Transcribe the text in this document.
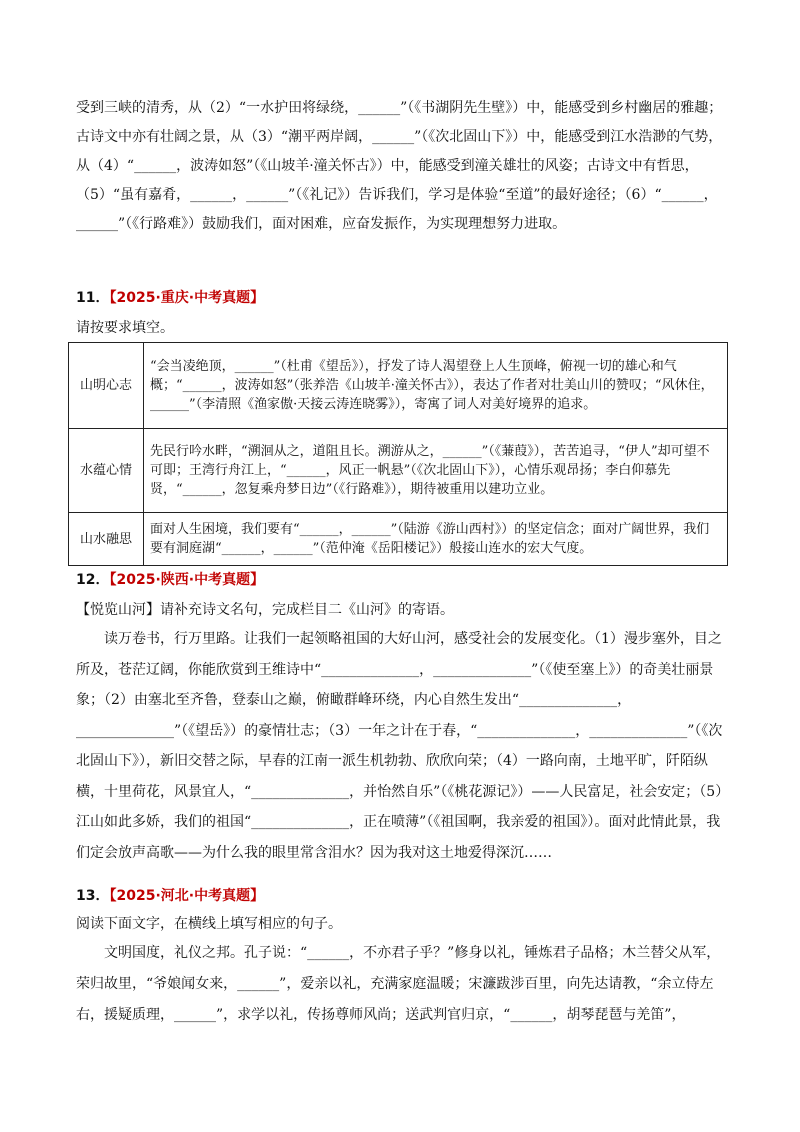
受到三峡的清秀，从（2）“一水护田将绿绕，______”（《书湖阴先生壁》）中，能感受到乡村幽居的雅趣；古诗文中亦有壮阔之景，从（3）“潮平两岸阔，______”（《次北固山下》）中，能感受到江水浩渺的气势，从（4）“______，波涛如怒”（《山坡羊·潼关怀古》）中，能感受到潼关雄壮的风姿；古诗文中有哲思，（5）“虽有嘉肴，______，______”（《礼记》）告诉我们，学习是体验“至道”的最好途径；（6）“______，______”（《行路难》）鼓励我们，面对困难，应奋发振作，为实现理想努力进取。

11．【2025·重庆·中考真题】
请按要求填空。
山明心志	“会当凌绝顶，______”（杜甫《望岳》），抒发了诗人渴望登上人生顶峰，俯视一切的雄心和气概；“______，波涛如怒”（张养浩《山坡羊·潼关怀古》），表达了作者对壮美山川的赞叹；“风休住，______”（李清照《渔家傲·天接云涛连晓雾》），寄寓了词人对美好境界的追求。
水蕴心情	先民行吟水畔，“溯洄从之，道阻且长。溯游从之，______”（《蒹葭》），苦苦追寻，“伊人”却可望不可即；王湾行舟江上，“______，风正一帆悬”（《次北固山下》），心情乐观昂扬；李白仰慕先贤，“______，忽复乘舟梦日边”（《行路难》），期待被重用以建功立业。
山水融思	面对人生困境，我们要有“______，______”（陆游《游山西村》）的坚定信念；面对广阔世界，我们要有洞庭湖“______，______”（范仲淹《岳阳楼记》）般接山连水的宏大气度。
12．【2025·陕西·中考真题】
【悦览山河】请补充诗文名句，完成栏目二《山河》的寄语。

读万卷书，行万里路。让我们一起领略祖国的大好山河，感受社会的发展变化。（1）漫步塞外，目之所及，苍茫辽阔，你能欣赏到王维诗中“______________，______________”（《使至塞上》）的奇美壮丽景象；（2）由塞北至齐鲁，登泰山之巅，俯瞰群峰环绕，内心自然生发出“______________，______________”（《望岳》）的豪情壮志；（3）一年之计在于春，“______________，______________”（《次北固山下》），新旧交替之际，早春的江南一派生机勃勃、欣欣向荣；（4）一路向南，土地平旷，阡陌纵横，十里荷花，风景宜人，“______________，并怡然自乐”（《桃花源记》）——人民富足，社会安定；（5）江山如此多娇，我们的祖国“______________，正在喷薄”（《祖国啊，我亲爱的祖国》）。面对此情此景，我们定会放声高歌——为什么我的眼里常含泪水？因为我对这土地爱得深沉……

13．【2025·河北·中考真题】
阅读下面文字，在横线上填写相应的句子。

文明国度，礼仪之邦。孔子说：“______，不亦君子乎？”修身以礼，锤炼君子品格；木兰替父从军，荣归故里，“爷娘闻女来，______”，爱亲以礼，充满家庭温暖；宋濂跋涉百里，向先达请教，“余立侍左右，援疑质理，______”，求学以礼，传扬尊师风尚；送武判官归京，“______，胡琴琵琶与羌笛”，
